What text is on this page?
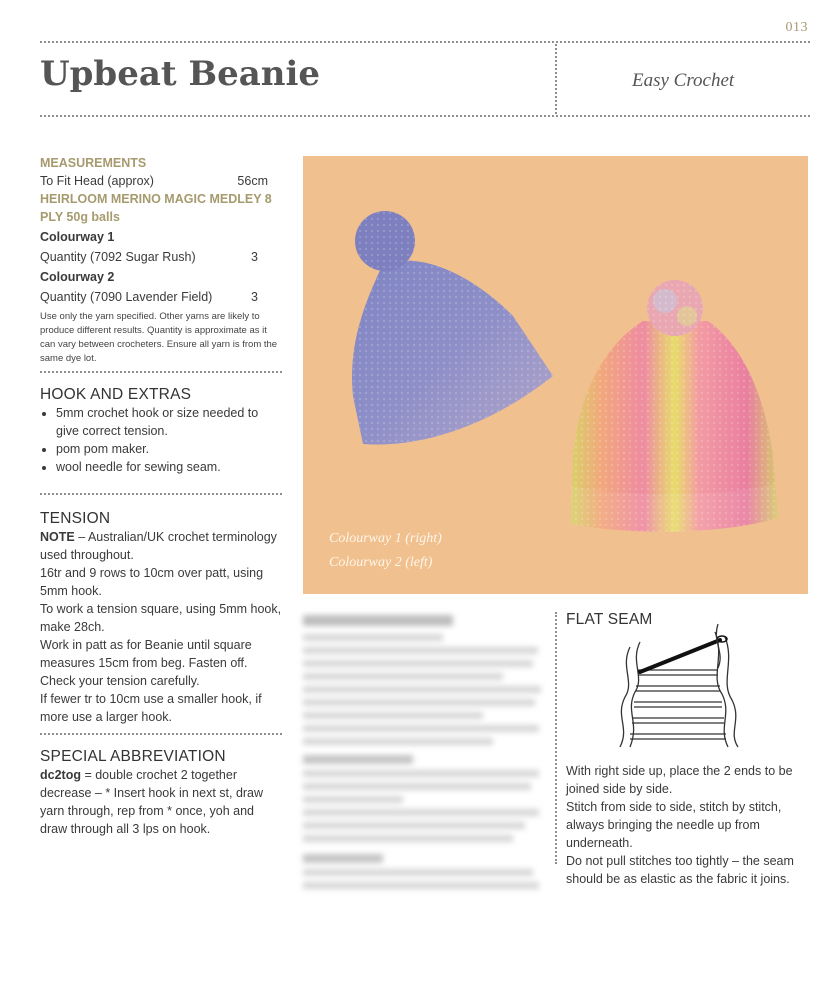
013
Upbeat Beanie	Easy Crochet
MEASUREMENTS
To Fit Head (approx)	56cm
HEIRLOOM MERINO MAGIC MEDLEY 8 PLY 50g balls
Colourway 1
Quantity (7092 Sugar Rush)	3
Colourway 2
Quantity (7090 Lavender Field)	3
Use only the yarn specified. Other yarns are likely to produce different results. Quantity is approximate as it can vary between crocheters. Ensure all yarn is from the same dye lot.
HOOK AND EXTRAS
• 5mm crochet hook or size needed to give correct tension.
• pom pom maker.
• wool needle for sewing seam.
TENSION
NOTE – Australian/UK crochet terminology used throughout.
16tr and 9 rows to 10cm over patt, using 5mm hook.
To work a tension square, using 5mm hook, make 28ch.
Work in patt as for Beanie until square measures 15cm from beg. Fasten off.
Check your tension carefully.
If fewer tr to 10cm use a smaller hook, if more use a larger hook.
SPECIAL ABBREVIATION
dc2tog = double crochet 2 together decrease – * Insert hook in next st, draw yarn through, rep from * once, yoh and draw through all 3 lps on hook.
Colourway 1 (right)
Colourway 2 (left)
FLAT SEAM
With right side up, place the 2 ends to be joined side by side.
Stitch from side to side, stitch by stitch, always bringing the needle up from underneath.
Do not pull stitches too tightly – the seam should be as elastic as the fabric it joins.
